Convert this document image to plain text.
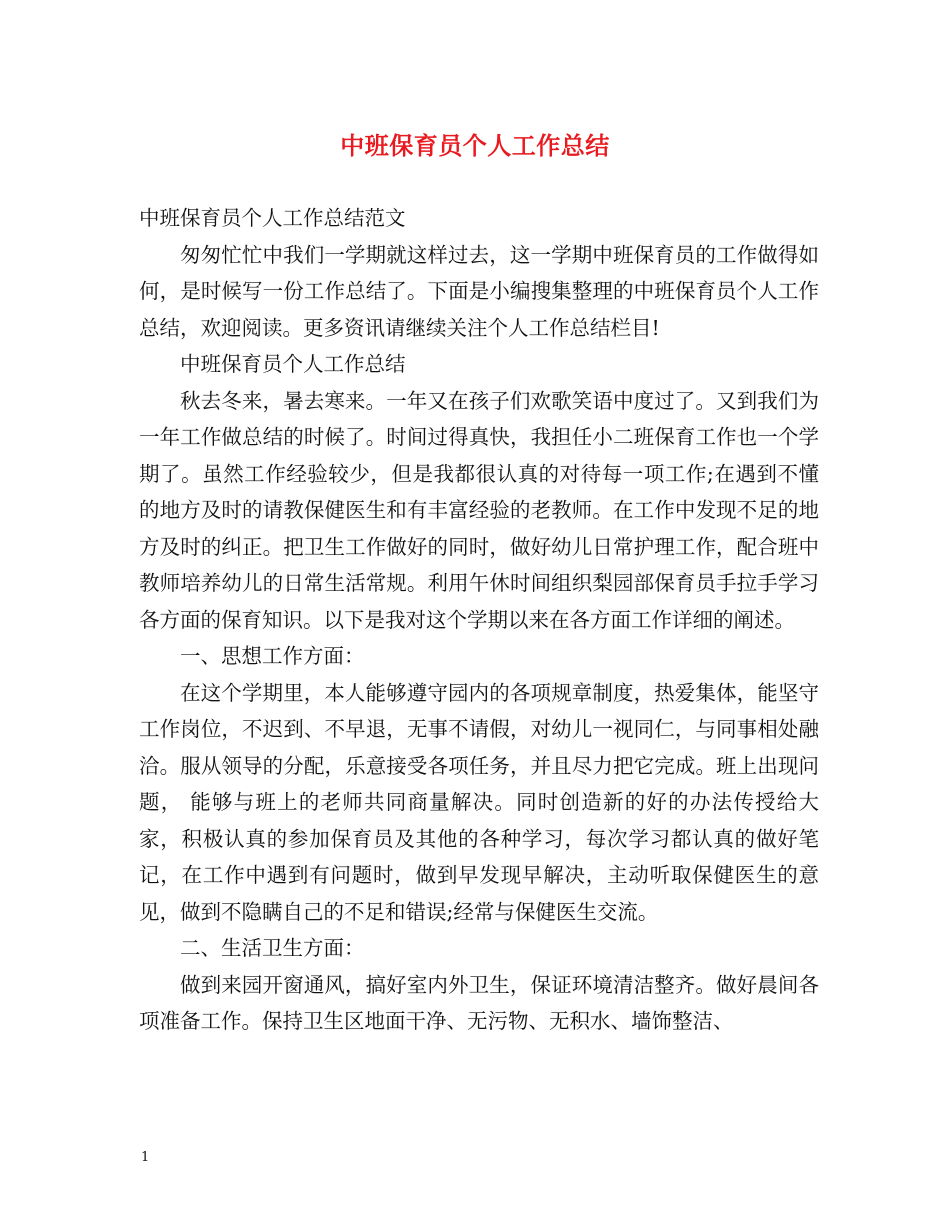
中班保育员个人工作总结

中班保育员个人工作总结范文

匆匆忙忙中我们一学期就这样过去，这一学期中班保育员的工作做得如何，是时候写一份工作总结了。下面是小编搜集整理的中班保育员个人工作总结，欢迎阅读。更多资讯请继续关注个人工作总结栏目!

中班保育员个人工作总结

秋去冬来，暑去寒来。一年又在孩子们欢歌笑语中度过了。又到我们为一年工作做总结的时候了。时间过得真快，我担任小二班保育工作也一个学期了。虽然工作经验较少，但是我都很认真的对待每一项工作;在遇到不懂的地方及时的请教保健医生和有丰富经验的老教师。在工作中发现不足的地方及时的纠正。把卫生工作做好的同时，做好幼儿日常护理工作，配合班中教师培养幼儿的日常生活常规。利用午休时间组织梨园部保育员手拉手学习各方面的保育知识。以下是我对这个学期以来在各方面工作详细的阐述。

一、思想工作方面：

在这个学期里，本人能够遵守园内的各项规章制度，热爱集体，能坚守工作岗位，不迟到、不早退，无事不请假，对幼儿一视同仁，与同事相处融洽。服从领导的分配，乐意接受各项任务，并且尽力把它完成。班上出现问题， 能够与班上的老师共同商量解决。同时创造新的好的办法传授给大家，积极认真的参加保育员及其他的各种学习，每次学习都认真的做好笔记，在工作中遇到有问题时，做到早发现早解决，主动听取保健医生的意见，做到不隐瞒自己的不足和错误;经常与保健医生交流。

二、生活卫生方面：

做到来园开窗通风，搞好室内外卫生，保证环境清洁整齐。做好晨间各项准备工作。保持卫生区地面干净、无污物、无积水、墙饰整洁、

1
